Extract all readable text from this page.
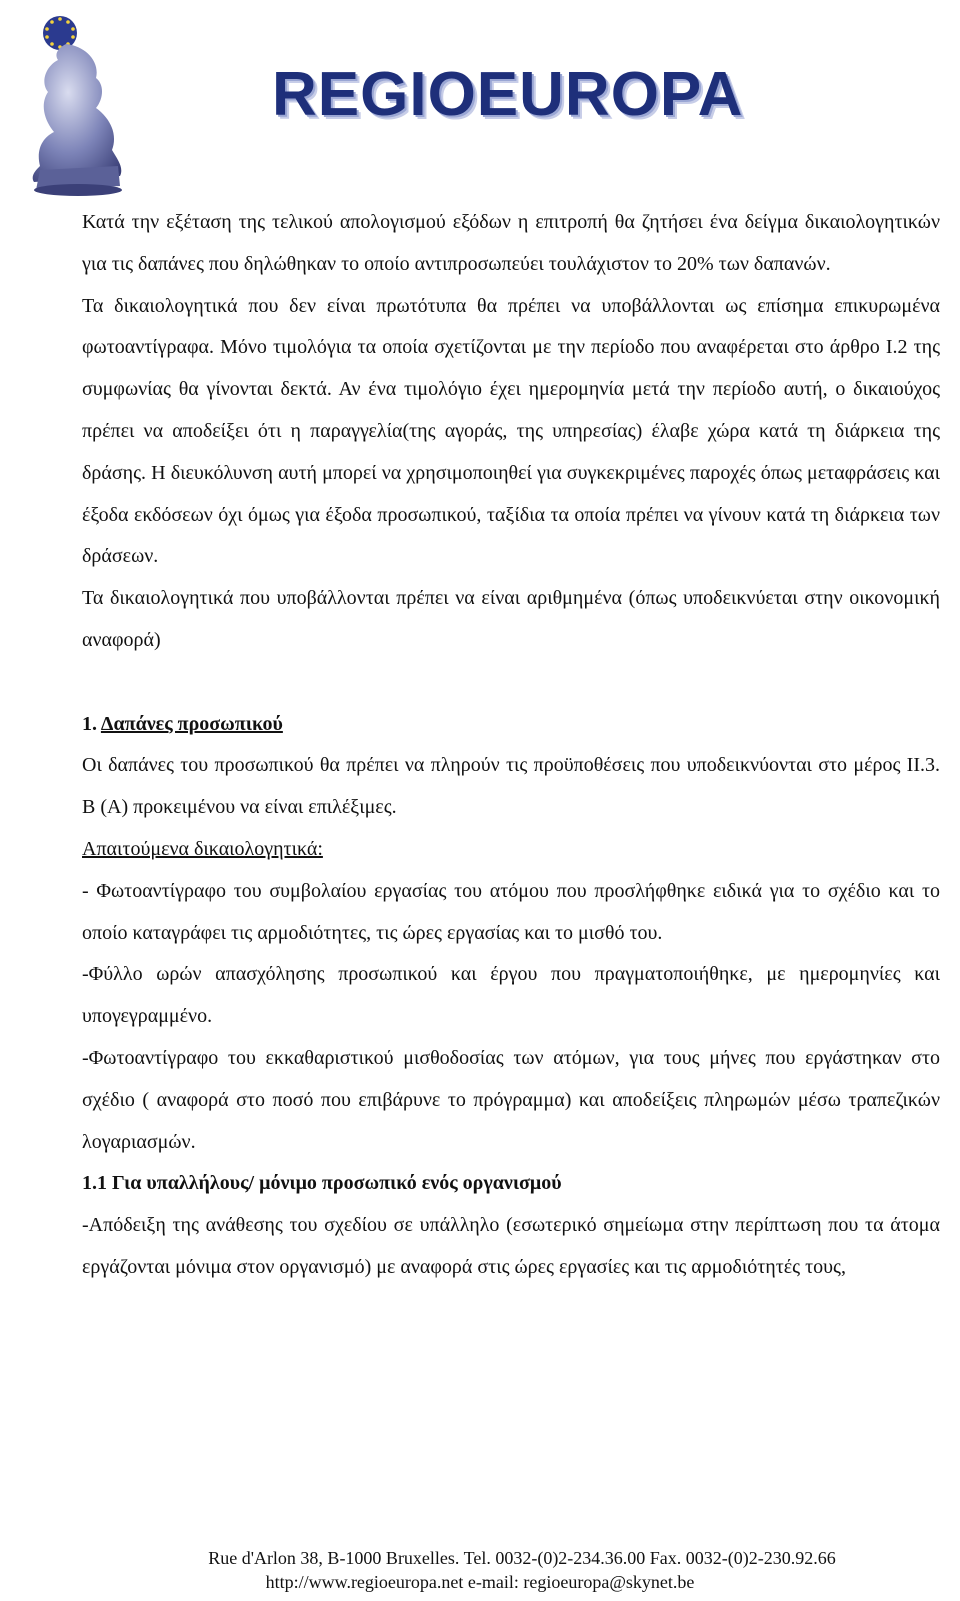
REGIOEUROPA

Κατά την εξέταση της τελικού απολογισμού εξόδων η επιτροπή θα ζητήσει ένα δείγμα δικαιολογητικών για τις δαπάνες που δηλώθηκαν το οποίο αντιπροσωπεύει τουλάχιστον το 20% των δαπανών.

Τα δικαιολογητικά που δεν είναι πρωτότυπα θα πρέπει να υποβάλλονται ως επίσημα επικυρωμένα φωτοαντίγραφα. Μόνο τιμολόγια τα οποία σχετίζονται με την περίοδο που αναφέρεται στο άρθρο Ι.2 της συμφωνίας θα γίνονται δεκτά. Αν ένα τιμολόγιο έχει ημερομηνία μετά την περίοδο αυτή, ο δικαιούχος πρέπει να αποδείξει ότι η παραγγελία(της αγοράς, της υπηρεσίας) έλαβε χώρα κατά τη διάρκεια της δράσης. Η διευκόλυνση αυτή μπορεί να χρησιμοποιηθεί για συγκεκριμένες παροχές όπως μεταφράσεις και έξοδα εκδόσεων όχι όμως για έξοδα προσωπικού, ταξίδια τα οποία πρέπει να γίνουν κατά τη διάρκεια των δράσεων.

Τα δικαιολογητικά που υποβάλλονται πρέπει να είναι αριθμημένα (όπως υποδεικνύεται στην οικονομική αναφορά)

1. Δαπάνες προσωπικού

Οι δαπάνες του προσωπικού θα πρέπει να πληρούν τις προϋποθέσεις που υποδεικνύονται στο μέρος ΙΙ.3. Β (Α) προκειμένου να είναι επιλέξιμες.

Απαιτούμενα δικαιολογητικά:

- Φωτοαντίγραφο του συμβολαίου εργασίας του ατόμου που προσλήφθηκε ειδικά για το σχέδιο και το οποίο καταγράφει τις αρμοδιότητες, τις ώρες εργασίας και το μισθό του.

-Φύλλο ωρών απασχόλησης προσωπικού και έργου που πραγματοποιήθηκε, με ημερομηνίες και υπογεγραμμένο.

-Φωτοαντίγραφο του εκκαθαριστικού μισθοδοσίας των ατόμων, για τους μήνες που εργάστηκαν στο σχέδιο ( αναφορά στο ποσό που επιβάρυνε το πρόγραμμα) και αποδείξεις πληρωμών μέσω τραπεζικών λογαριασμών.

1.1 Για υπαλλήλους/ μόνιμο προσωπικό ενός οργανισμού

-Απόδειξη της ανάθεσης του σχεδίου σε υπάλληλο (εσωτερικό σημείωμα στην περίπτωση που τα άτομα εργάζονται μόνιμα στον οργανισμό) με αναφορά στις ώρες εργασίες και τις αρμοδιότητές τους,

Rue d'Arlon 38, B-1000 Bruxelles. Tel. 0032-(0)2-234.36.00 Fax. 0032-(0)2-230.92.66
http://www.regioeuropa.net e-mail: regioeuropa@skynet.be
